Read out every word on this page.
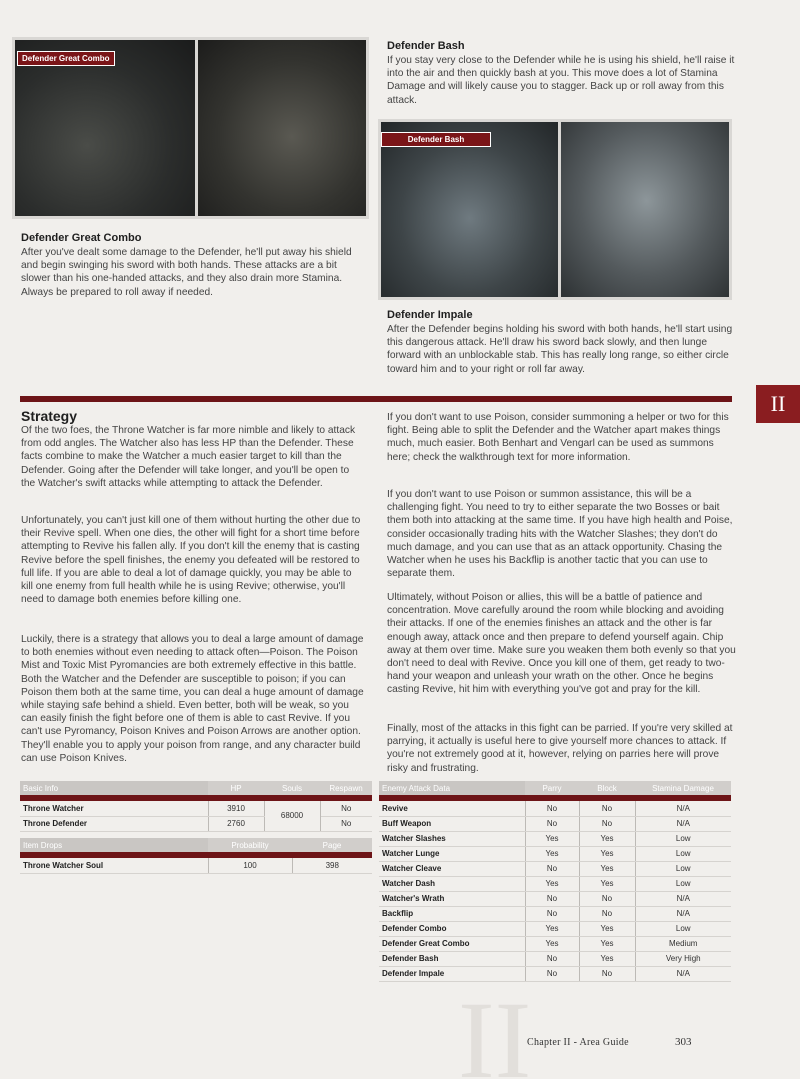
Defender Great Combo
Defender Great Combo

After you've dealt some damage to the Defender, he'll put away his shield and begin swinging his sword with both hands. These attacks are a bit slower than his one-handed attacks, and they also drain more Stamina. Always be prepared to roll away if needed.

Defender Bash

If you stay very close to the Defender while he is using his shield, he'll raise it into the air and then quickly bash at you. This move does a lot of Stamina Damage and will likely cause you to stagger. Back up or roll away from this attack.

Defender Bash
Defender Impale

After the Defender begins holding his sword with both hands, he'll start using this dangerous attack. He'll draw his sword back slowly, and then lunge forward with an unblockable stab. This has really long range, so either circle toward him and to your right or roll far away.

II
Strategy

Of the two foes, the Throne Watcher is far more nimble and likely to attack from odd angles. The Watcher also has less HP than the Defender. These facts combine to make the Watcher a much easier target to kill than the Defender. Going after the Defender will take longer, and you'll be open to the Watcher's swift attacks while attempting to attack the Defender.

Unfortunately, you can't just kill one of them without hurting the other due to their Revive spell. When one dies, the other will fight for a short time before attempting to Revive his fallen ally. If you don't kill the enemy that is casting Revive before the spell finishes, the enemy you defeated will be restored to full life. If you are able to deal a lot of damage quickly, you may be able to kill one enemy from full health while he is using Revive; otherwise, you'll need to damage both enemies before killing one.

Luckily, there is a strategy that allows you to deal a large amount of damage to both enemies without even needing to attack often—Poison. The Poison Mist and Toxic Mist Pyromancies are both extremely effective in this battle. Both the Watcher and the Defender are susceptible to poison; if you can Poison them both at the same time, you can deal a huge amount of damage while staying safe behind a shield. Even better, both will be weak, so you can easily finish the fight before one of them is able to cast Revive. If you can't use Pyromancy, Poison Knives and Poison Arrows are another option. They'll enable you to apply your poison from range, and any character build can use Poison Knives.

If you don't want to use Poison, consider summoning a helper or two for this fight. Being able to split the Defender and the Watcher apart makes things much, much easier. Both Benhart and Vengarl can be used as summons here; check the walkthrough text for more information.

If you don't want to use Poison or summon assistance, this will be a challenging fight. You need to try to either separate the two Bosses or bait them both into attacking at the same time. If you have high health and Poise, consider occasionally trading hits with the Watcher Slashes; they don't do much damage, and you can use that as an attack opportunity. Chasing the Watcher when he uses his Backflip is another tactic that you can use to separate them.

Ultimately, without Poison or allies, this will be a battle of patience and concentration. Move carefully around the room while blocking and avoiding their attacks. If one of the enemies finishes an attack and the other is far enough away, attack once and then prepare to defend yourself again. Chip away at them over time. Make sure you weaken them both evenly so that you don't need to deal with Revive. Once you kill one of them, get ready to two-hand your weapon and unleash your wrath on the other. Once he begins casting Revive, hit him with everything you've got and pray for the kill.

Finally, most of the attacks in this fight can be parried. If you're very skilled at parrying, it actually is useful here to give yourself more chances to attack. If you're not extremely good at it, however, relying on parries here will prove risky and frustrating.

Basic Info	HP	Souls	Respawn

Throne Watcher	3910	68000	No
Throne Defender	2760		No
Item Drops	Probability	Page

Throne Watcher Soul	100	398
Enemy Attack Data	Parry	Block	Stamina Damage

Revive	No	No	N/A
Buff Weapon	No	No	N/A
Watcher Slashes	Yes	Yes	Low
Watcher Lunge	Yes	Yes	Low
Watcher Cleave	No	Yes	Low
Watcher Dash	Yes	Yes	Low
Watcher's Wrath	No	No	N/A
Backflip	No	No	N/A
Defender Combo	Yes	Yes	Low
Defender Great Combo	Yes	Yes	Medium
Defender Bash	No	Yes	Very High
Defender Impale	No	No	N/A
II
Chapter II - Area Guide	303
